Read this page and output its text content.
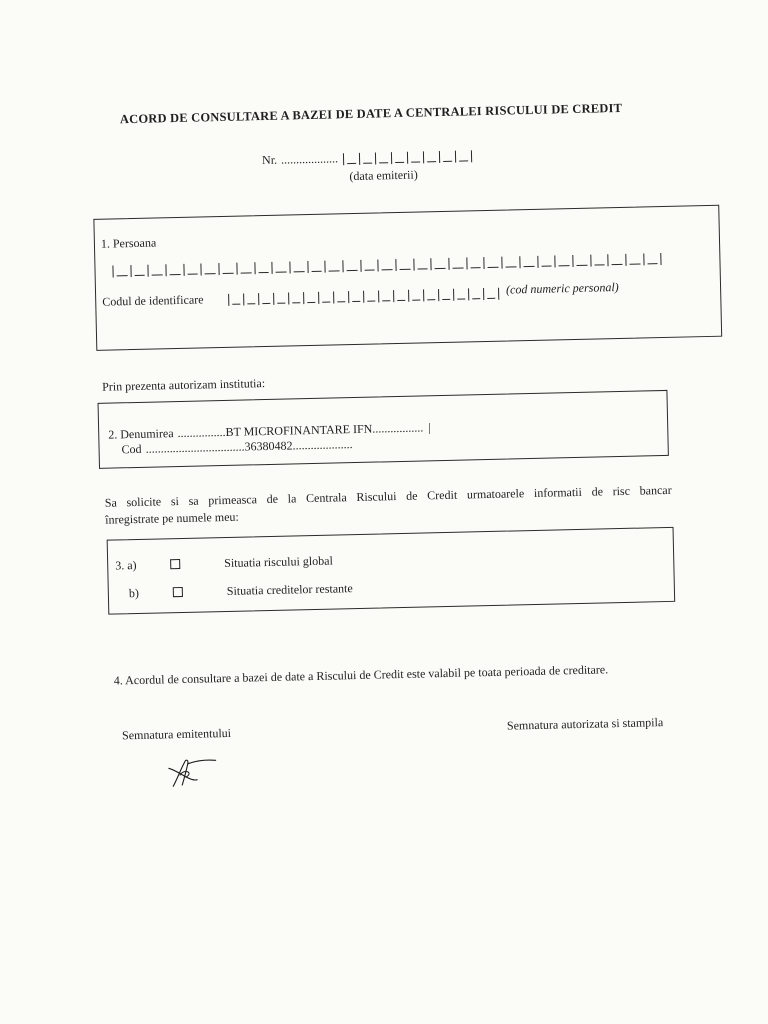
ACORD DE CONSULTARE A BAZEI DE DATE A CENTRALEI RISCULUI DE CREDIT
Nr. ...................
(data emiterii)
1. Persoana
Codul de identificare
(cod numeric personal)
Prin prezenta autorizam institutia:
2. Denumirea ................BT MICROFINANTARE IFN................. |
Cod .................................36380482....................
Sa solicite si sa primeasca de la Centrala Riscului de Credit urmatoarele informatii de risc bancar
înregistrate pe numele meu:
3. a)	Situatia riscului global
b)	Situatia creditelor restante
4. Acordul de consultare a bazei de date a Riscului de Credit este valabil pe toata perioada de creditare.
Semnatura emitentului
Semnatura autorizata si stampila
